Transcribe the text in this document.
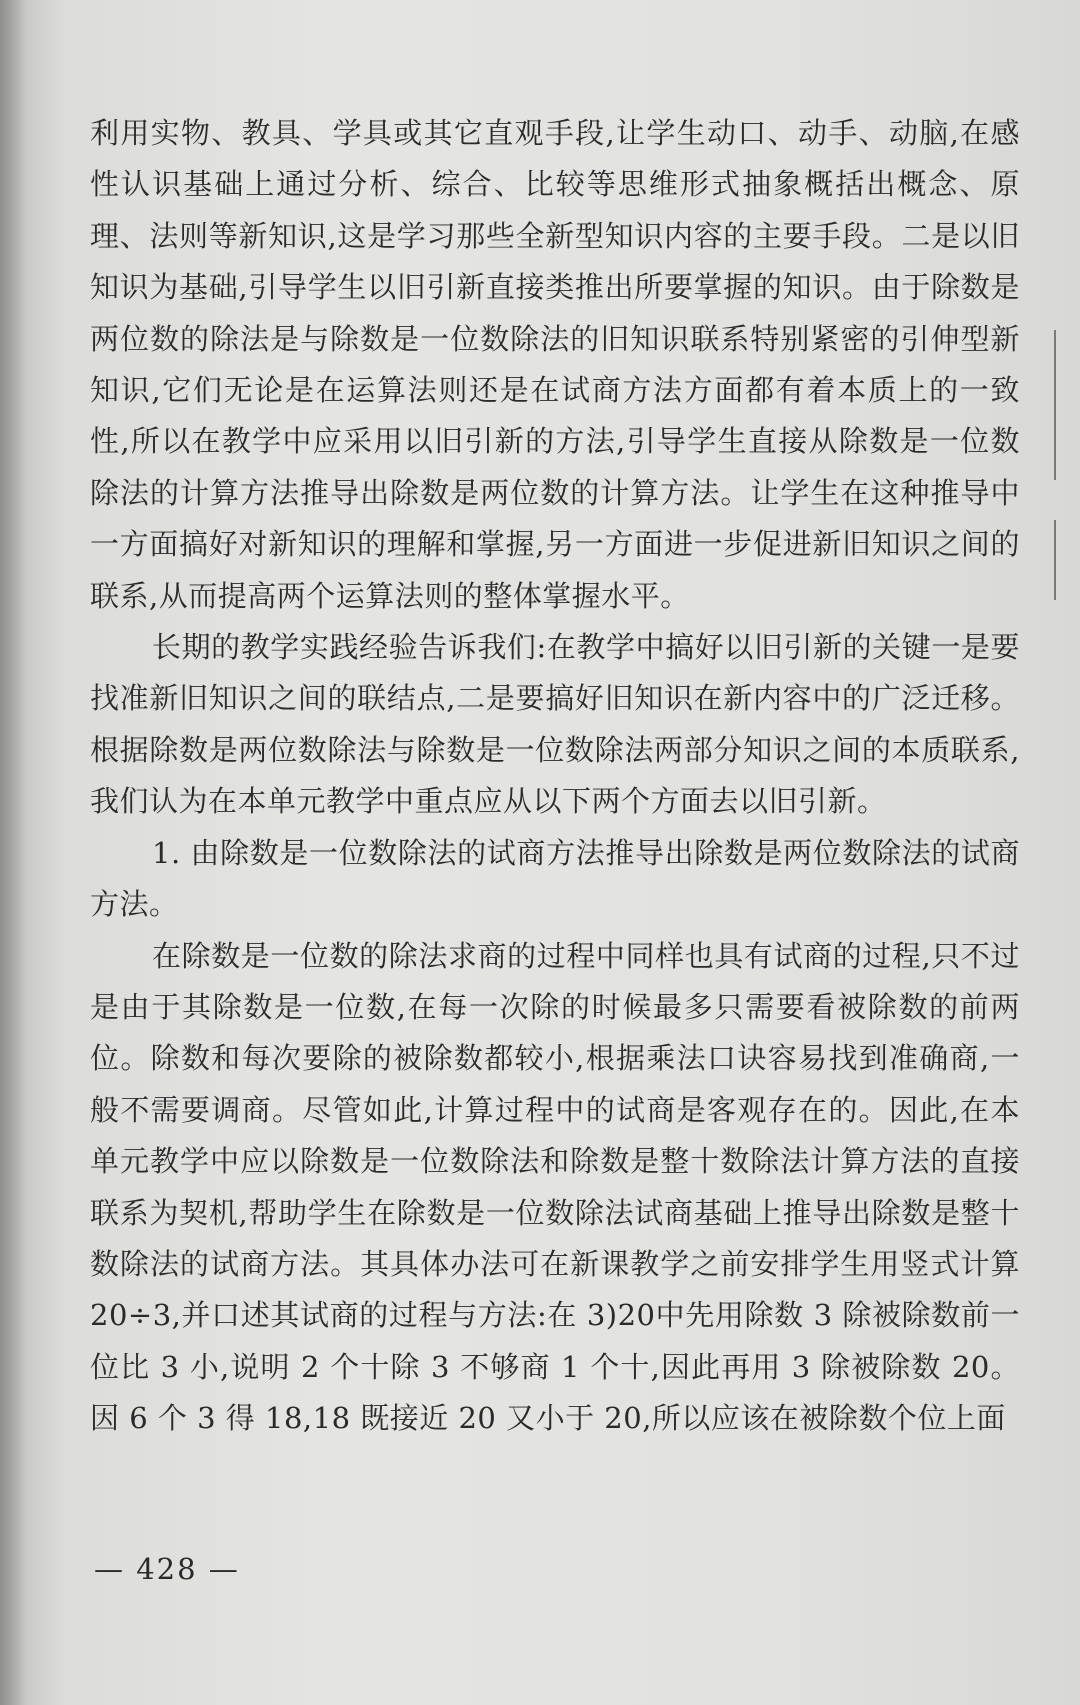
利用实物、教具、学具或其它直观手段,让学生动口、动手、动脑,在感性认识基础上通过分析、综合、比较等思维形式抽象概括出概念、原理、法则等新知识,这是学习那些全新型知识内容的主要手段。二是以旧知识为基础,引导学生以旧引新直接类推出所要掌握的知识。由于除数是两位数的除法是与除数是一位数除法的旧知识联系特别紧密的引伸型新知识,它们无论是在运算法则还是在试商方法方面都有着本质上的一致性,所以在教学中应采用以旧引新的方法,引导学生直接从除数是一位数除法的计算方法推导出除数是两位数的计算方法。让学生在这种推导中一方面搞好对新知识的理解和掌握,另一方面进一步促进新旧知识之间的联系,从而提高两个运算法则的整体掌握水平。

长期的教学实践经验告诉我们:在教学中搞好以旧引新的关键一是要找准新旧知识之间的联结点,二是要搞好旧知识在新内容中的广泛迁移。根据除数是两位数除法与除数是一位数除法两部分知识之间的本质联系,我们认为在本单元教学中重点应从以下两个方面去以旧引新。

1. 由除数是一位数除法的试商方法推导出除数是两位数除法的试商方法。

在除数是一位数的除法求商的过程中同样也具有试商的过程,只不过是由于其除数是一位数,在每一次除的时候最多只需要看被除数的前两位。除数和每次要除的被除数都较小,根据乘法口诀容易找到准确商,一般不需要调商。尽管如此,计算过程中的试商是客观存在的。因此,在本单元教学中应以除数是一位数除法和除数是整十数除法计算方法的直接联系为契机,帮助学生在除数是一位数除法试商基础上推导出除数是整十数除法的试商方法。其具体办法可在新课教学之前安排学生用竖式计算 20÷3,并口述其试商的过程与方法:在 3)20中先用除数 3 除被除数前一位比 3 小,说明 2 个十除 3 不够商 1 个十,因此再用 3 除被除数 20。因 6 个 3 得 18,18 既接近 20 又小于 20,所以应该在被除数个位上面

— 428 —
